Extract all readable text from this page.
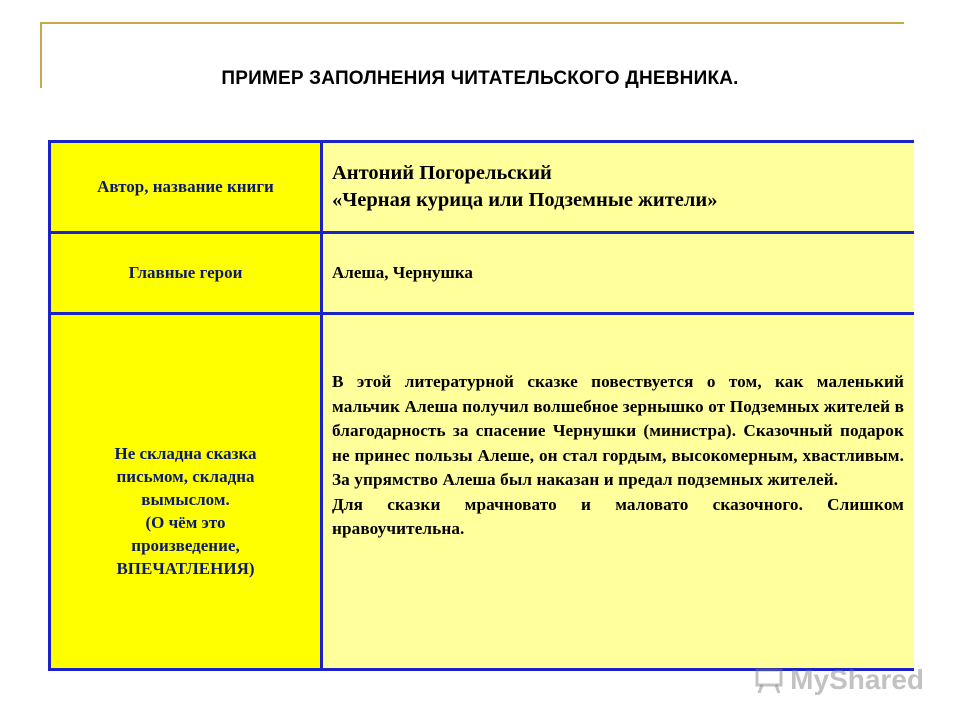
ПРИМЕР ЗАПОЛНЕНИЯ ЧИТАТЕЛЬСКОГО ДНЕВНИКА.
Автор, название книги
Антоний Погорельский
«Черная курица или Подземные жители»
Главные герои	Алеша, Чернушка
Не складна сказка
письмом, складна
вымыслом.
(О чём это
произведение,
ВПЕЧАТЛЕНИЯ)

В этой литературной сказке повествуется о том, как маленький мальчик Алеша получил волшебное зернышко от Подземных жителей в благодарность за спасение Чернушки (министра). Сказочный подарок не принес пользы Алеше, он стал гордым, высокомерным, хвастливым. За упрямство Алеша был наказан и предал подземных жителей.

Для сказки мрачновато и маловато сказочного. Слишком нравоучительна.

MyShared
